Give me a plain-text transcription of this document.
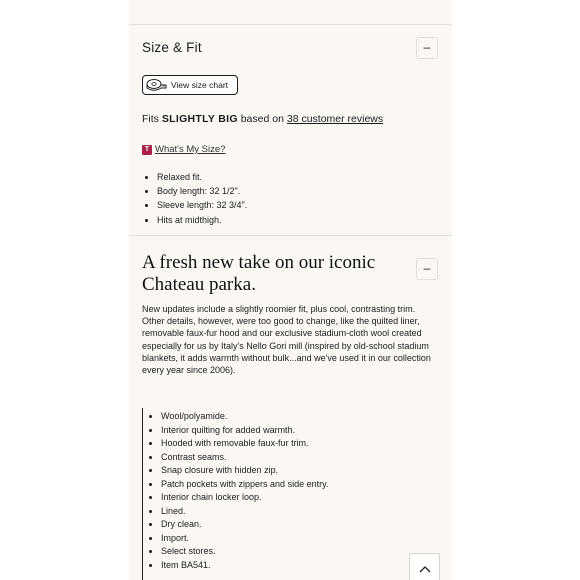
Size & Fit	–
View size chart
Fits SLIGHTLY BIG based on 38 customer reviews
T What's My Size?
• Relaxed fit.
• Body length: 32 1/2".
• Sleeve length: 32 3/4".
• Hits at midthigh.
A fresh new take on our iconic Chateau parka.
–
New updates include a slightly roomier fit, plus cool, contrasting trim. Other details, however, were too good to change, like the quilted liner, removable faux-fur hood and our exclusive stadium-cloth wool created especially for us by Italy's Nello Gori mill (inspired by old-school stadium blankets, it adds warmth without bulk...and we've used it in our collection every year since 2006).
• Wool/polyamide.
• Interior quilting for added warmth.
• Hooded with removable faux-fur trim.
• Contrast seams.
• Snap closure with hidden zip.
• Patch pockets with zippers and side entry.
• Interior chain locker loop.
• Lined.
• Dry clean.
• Import.
• Select stores.
• Item BA541.
